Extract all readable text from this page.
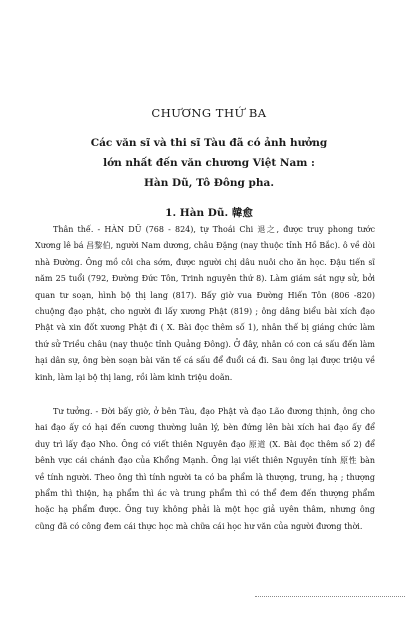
CHƯƠNG THỨ BA
Các văn sĩ và thi sĩ Tàu đã có ảnh hưởng
lớn nhất đến văn chương Việt Nam :
Hàn Dũ, Tô Đông pha.
1. Hàn Dũ. 韓愈
Thân thế. - HÀN DŨ (768 - 824), tự Thoái Chi 退之, được truy phong tước Xương lê bá 昌黎伯, người Nam dương, châu Đặng (nay thuộc tỉnh Hồ Bắc). ô về dòi nhà Đường. Ông mồ côi cha sớm, được người chị dâu nuôi cho ăn học. Đậu tiến sĩ năm 25 tuổi (792, Đường Đức Tôn, Trinh nguyên thứ 8). Làm giám sát ngự sử, bởi quan tư soạn, hình bộ thị lang (817). Bấy giờ vua Đường Hiến Tôn (806 -820) chuộng đạo phật, cho người đi lấy xương Phật (819) ; ông dâng biểu bài xích đạo Phật và xin đốt xương Phật đi ( X. Bài đọc thêm số 1), nhân thế bị giáng chức làm thứ sử Triều châu (nay thuộc tỉnh Quảng Đông). Ở đây, nhân có con cá sấu đến làm hại dân sự, ông bèn soạn bài văn tế cá sấu để đuổi cá đi. Sau ông lại được triệu về kinh, làm lại bộ thị lang, rồi làm kinh triệu doãn.
Tư tưởng. - Đời bấy giờ, ở bên Tàu, đạo Phật và đạo Lão đương thịnh, ông cho hai đạo ấy có hại đến cương thường luân lý, bèn đứng lên bài xích hai đạo ấy để duy trì lấy đạo Nho. Ông có viết thiên Nguyên đạo 原道 (X. Bài đọc thêm số 2) để bênh vực cái chánh đạo của Khổng Mạnh. Ông lại viết thiên Nguyên tính 原性 bàn về tính người. Theo ông thì tính người ta có ba phẩm là thượng, trung, hạ ; thượng phẩm thì thiện, hạ phẩm thì ác và trung phẩm thì có thể đem đến thượng phẩm hoặc hạ phẩm được. Ông tuy không phải là một học giả uyên thâm, nhưng ông cũng đã có công đem cái thực học mà chữa cái học hư văn của người đương thời.
